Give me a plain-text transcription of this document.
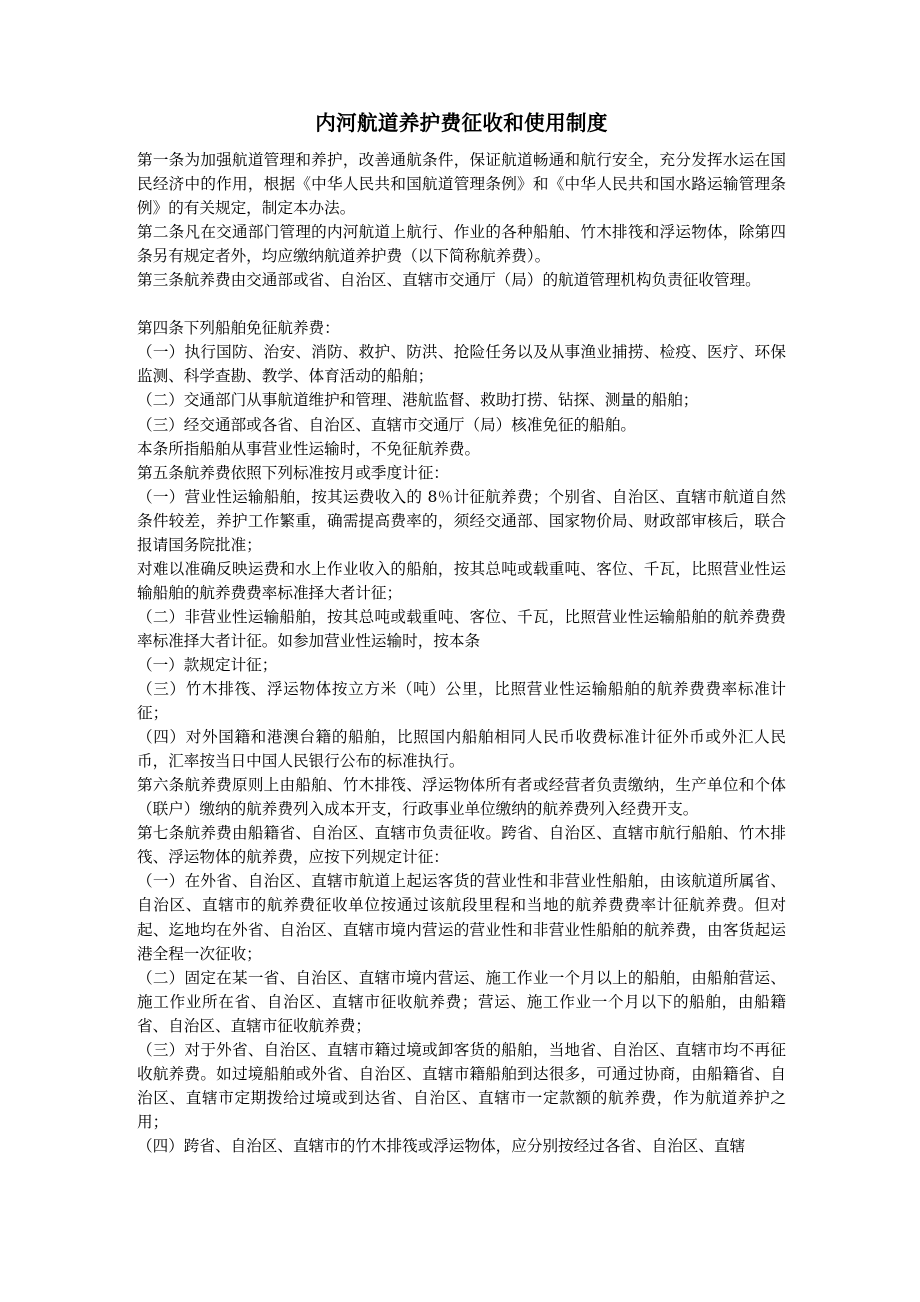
内河航道养护费征收和使用制度

第一条为加强航道管理和养护，改善通航条件，保证航道畅通和航行安全，充分发挥水运在国民经济中的作用，根据《中华人民共和国航道管理条例》和《中华人民共和国水路运输管理条例》的有关规定，制定本办法。

第二条凡在交通部门管理的内河航道上航行、作业的各种船舶、竹木排筏和浮运物体，除第四条另有规定者外，均应缴纳航道养护费（以下简称航养费）。

第三条航养费由交通部或省、自治区、直辖市交通厅（局）的航道管理机构负责征收管理。

第四条下列船舶免征航养费：

（一）执行国防、治安、消防、救护、防洪、抢险任务以及从事渔业捕捞、检疫、医疗、环保监测、科学查勘、教学、体育活动的船舶；

（二）交通部门从事航道维护和管理、港航监督、救助打捞、钻探、测量的船舶；

（三）经交通部或各省、自治区、直辖市交通厅（局）核准免征的船舶。

本条所指船舶从事营业性运输时，不免征航养费。

第五条航养费依照下列标准按月或季度计征：

（一）营业性运输船舶，按其运费收入的 8％计征航养费；个别省、自治区、直辖市航道自然条件较差，养护工作繁重，确需提高费率的，须经交通部、国家物价局、财政部审核后，联合报请国务院批准；

对难以准确反映运费和水上作业收入的船舶，按其总吨或载重吨、客位、千瓦，比照营业性运输船舶的航养费费率标准择大者计征；

（二）非营业性运输船舶，按其总吨或载重吨、客位、千瓦，比照营业性运输船舶的航养费费率标准择大者计征。如参加营业性运输时，按本条

（一）款规定计征；

（三）竹木排筏、浮运物体按立方米（吨）公里，比照营业性运输船舶的航养费费率标准计征；

（四）对外国籍和港澳台籍的船舶，比照国内船舶相同人民币收费标准计征外币或外汇人民币，汇率按当日中国人民银行公布的标准执行。

第六条航养费原则上由船舶、竹木排筏、浮运物体所有者或经营者负责缴纳，生产单位和个体（联户）缴纳的航养费列入成本开支，行政事业单位缴纳的航养费列入经费开支。

第七条航养费由船籍省、自治区、直辖市负责征收。跨省、自治区、直辖市航行船舶、竹木排筏、浮运物体的航养费，应按下列规定计征：

（一）在外省、自治区、直辖市航道上起运客货的营业性和非营业性船舶，由该航道所属省、自治区、直辖市的航养费征收单位按通过该航段里程和当地的航养费费率计征航养费。但对起、迄地均在外省、自治区、直辖市境内营运的营业性和非营业性船舶的航养费，由客货起运港全程一次征收；

（二）固定在某一省、自治区、直辖市境内营运、施工作业一个月以上的船舶，由船舶营运、施工作业所在省、自治区、直辖市征收航养费；营运、施工作业一个月以下的船舶，由船籍省、自治区、直辖市征收航养费；

（三）对于外省、自治区、直辖市籍过境或卸客货的船舶，当地省、自治区、直辖市均不再征收航养费。如过境船舶或外省、自治区、直辖市籍船舶到达很多，可通过协商，由船籍省、自治区、直辖市定期拨给过境或到达省、自治区、直辖市一定款额的航养费，作为航道养护之用；

（四）跨省、自治区、直辖市的竹木排筏或浮运物体，应分别按经过各省、自治区、直辖
